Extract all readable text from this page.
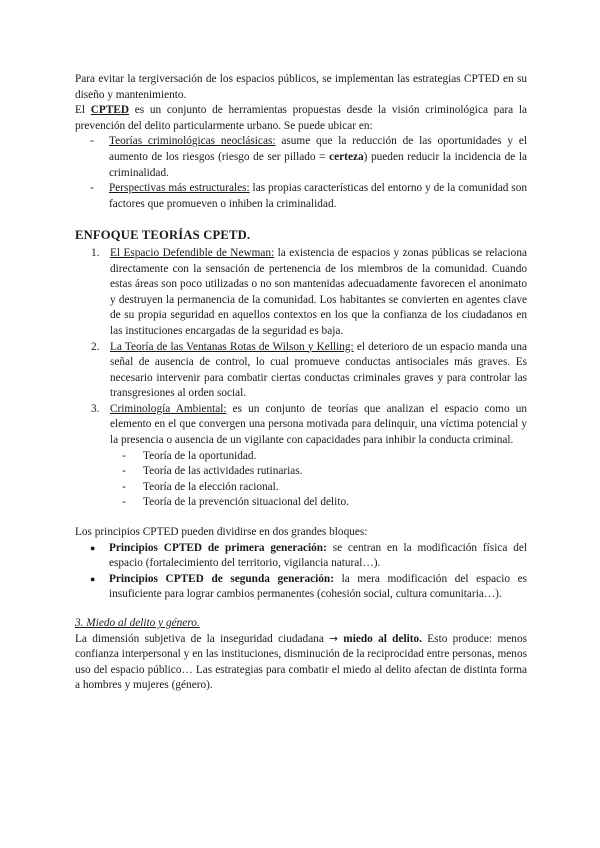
Para evitar la tergiversación de los espacios públicos, se implementan las estrategias CPTED en su diseño y mantenimiento.

El CPTED es un conjunto de herramientas propuestas desde la visión criminológica para la prevención del delito particularmente urbano. Se puede ubicar en:

-	Teorías criminológicas neoclásicas: asume que la reducción de las oportunidades y el aumento de los riesgos (riesgo de ser pillado = certeza) pueden reducir la incidencia de la criminalidad.
-	Perspectivas más estructurales: las propias características del entorno y de la comunidad son factores que promueven o inhiben la criminalidad.

ENFOQUE TEORÍAS CPETD.

1. El Espacio Defendible de Newman: la existencia de espacios y zonas públicas se relaciona directamente con la sensación de pertenencia de los miembros de la comunidad. Cuando estas áreas son poco utilizadas o no son mantenidas adecuadamente favorecen el anonimato y destruyen la permanencia de la comunidad. Los habitantes se convierten en agentes clave de su propia seguridad en aquellos contextos en los que la confianza de los ciudadanos en las instituciones encargadas de la seguridad es baja.
2. La Teoría de las Ventanas Rotas de Wilson y Kelling: el deterioro de un espacio manda una señal de ausencia de control, lo cual promueve conductas antisociales más graves. Es necesario intervenir para combatir ciertas conductas criminales graves y para controlar las transgresiones al orden social.
3. Criminología Ambiental: es un conjunto de teorías que analizan el espacio como un elemento en el que convergen una persona motivada para delinquir, una víctima potencial y la presencia o ausencia de un vigilante con capacidades para inhibir la conducta criminal.
-	Teoría de la oportunidad.
-	Teoría de las actividades rutinarias.
-	Teoría de la elección racional.
-	Teoría de la prevención situacional del delito.

Los principios CPTED pueden dividirse en dos grandes bloques:

●	Principios CPTED de primera generación: se centran en la modificación física del espacio (fortalecimiento del territorio, vigilancia natural…).
●	Principios CPTED de segunda generación: la mera modificación del espacio es insuficiente para lograr cambios permanentes (cohesión social, cultura comunitaria…).

3. Miedo al delito y género.

La dimensión subjetiva de la inseguridad ciudadana → miedo al delito. Esto produce: menos confianza interpersonal y en las instituciones, disminución de la reciprocidad entre personas, menos uso del espacio público… Las estrategias para combatir el miedo al delito afectan de distinta forma a hombres y mujeres (género).
